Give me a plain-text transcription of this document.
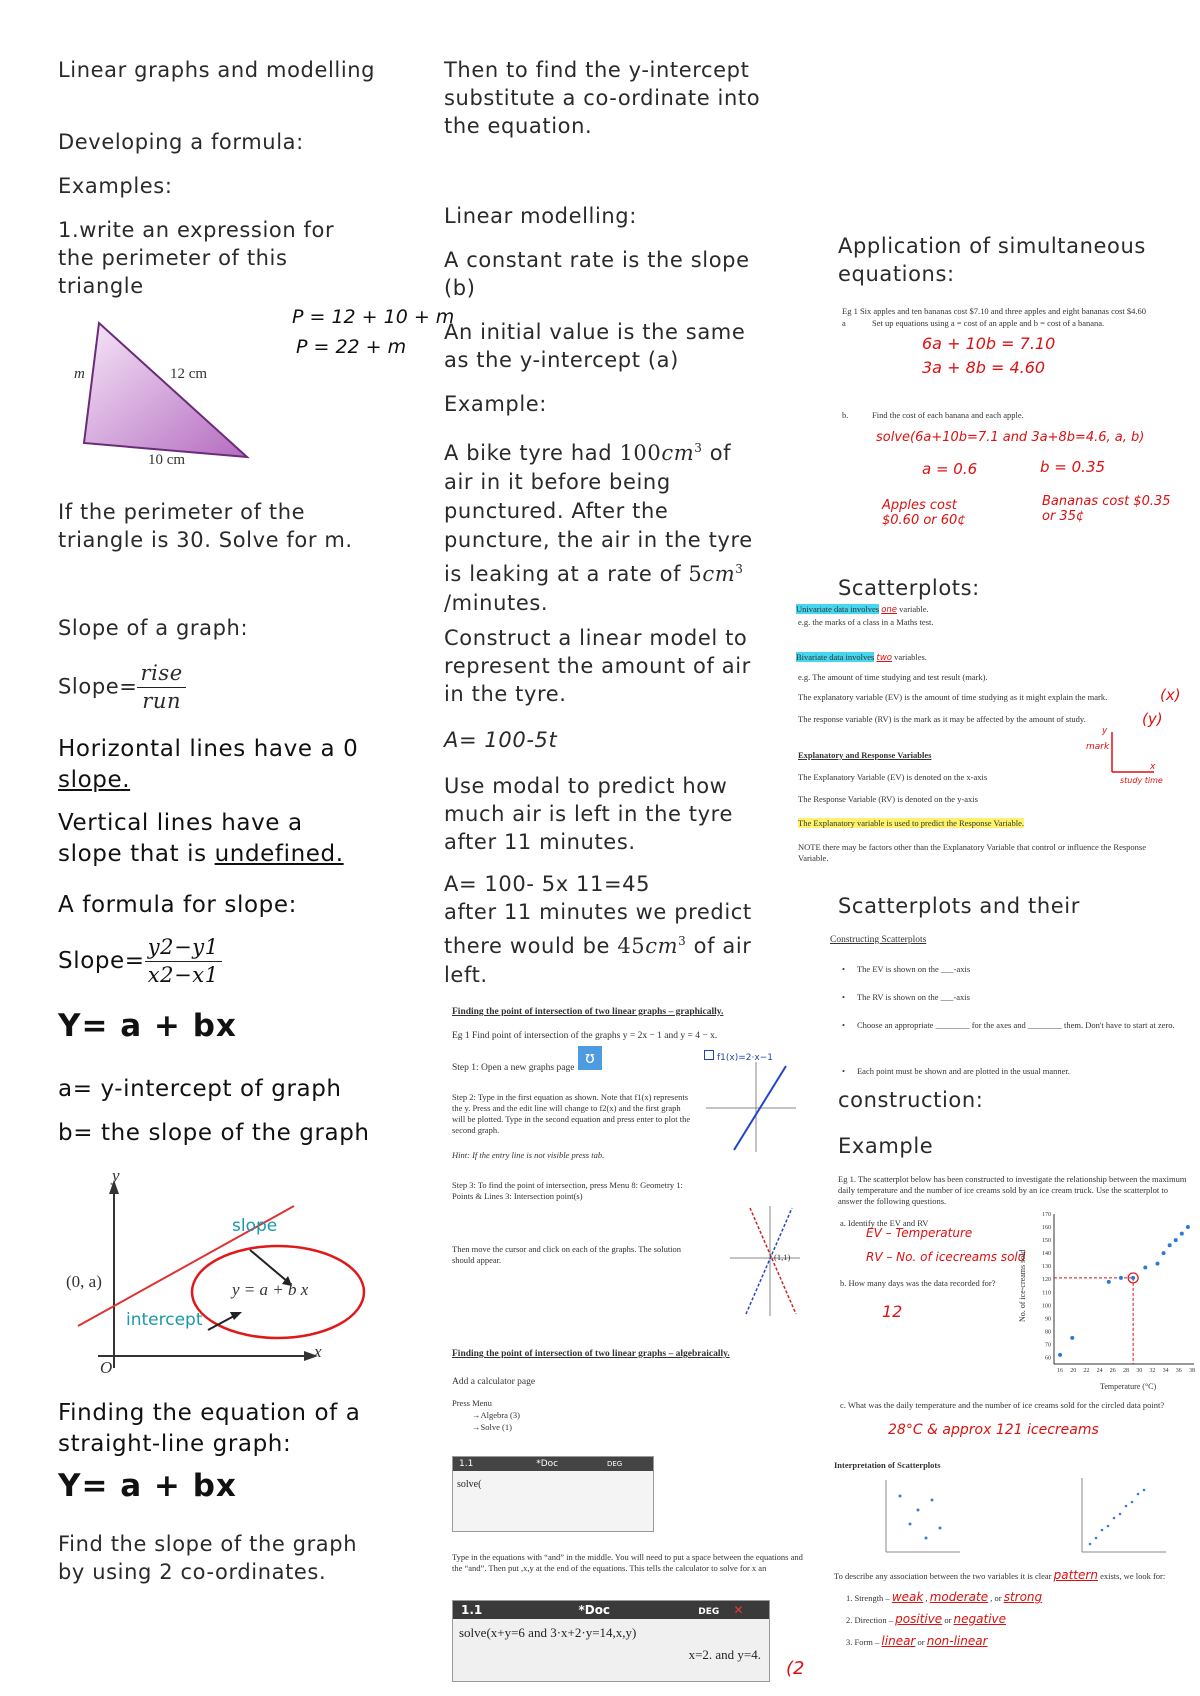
Linear graphs and modelling
Developing a formula:
Examples:
1.write an expression for the perimeter of this triangle
m	12 cm
10 cm
P = 12 + 10 + m
P = 22 + m
If the perimeter of the triangle is 30. Solve for m.
Slope of a graph:
Slope= $\frac{\text{rise}}{\text{run}}$
Horizontal lines have a 0
slope.
Vertical lines have a
slope that is undefined.
A formula for slope:
Slope= $\frac{y2-y1}{x2-x1}$
Y= a + bx
a= y-intercept of graph
b= the slope of the graph
y
x
O
(0, a)
slope
intercept
y = a + b x
Finding the equation of a straight-line graph:
Y= a + bx
Find the slope of the graph by using 2 co-ordinates.
Then to find the y-intercept substitute a co-ordinate into the equation.
Linear modelling:
A constant rate is the slope (b)
An initial value is the same as the y-intercept (a)
Example:
A bike tyre had $100cm^3$ of air in it before being punctured. After the puncture, the air in the tyre is leaking at a rate of $5cm^3$ /minutes.
Construct a linear model to represent the amount of air in the tyre.
A= 100-5t
Use modal to predict how much air is left in the tyre after 11 minutes.
A= 100- 5x 11=45
after 11 minutes we predict there would be $45cm^3$ of air left.
Finding the point of intersection of two linear graphs – graphically.
Eg 1 Find point of intersection of the graphs y = 2x − 1 and y = 4 − x.
Step 1: Open a new graphs page
ʊ	f1(x)=2·x−1
Step 2: Type in the first equation as shown. Note that f1(x) represents the y. Press and the edit line will change to f2(x) and the first graph will be plotted. Type in the second equation and press enter to plot the second graph.
Hint: If the entry line is not visible press tab.
Step 3: To find the point of intersection, press Menu 8: Geometry 1: Points & Lines 3: Intersection point(s)
Then move the cursor and click on each of the graphs. The solution should appear.	(1,1)
Finding the point of intersection of two linear graphs – algebraically.
Add a calculator page
Press Menu
→Algebra (3)
→Solve (1)
1.1	*Doc	DEG
solve(
Type in the equations with “and” in the middle. You will need to put a space between the equations and the “and”. Then put ,x,y at the end of the equations. This tells the calculator to solve for x an
1.1	*Doc	DEG ✕
solve(x+y=6 and 3·x+2·y=14,x,y)
x=2. and y=4.
(2
Application of simultaneous equations:
Eg 1 Six apples and ten bananas cost $7.10 and three apples and eight bananas cost $4.60
a	Set up equations using a = cost of an apple and b = cost of a banana.
6a + 10b = 7.10
3a + 8b = 4.60
b.	Find the cost of each banana and each apple.
solve(6a+10b=7.1 and 3a+8b=4.6, a, b)
a = 0.6	b = 0.35
Apples cost $0.60 or 60¢
Bananas cost $0.35 or 35¢
Scatterplots:
Univariate data involves one variable.
e.g. the marks of a class in a Maths test.
Bivariate data involves two variables.
e.g. The amount of time studying and test result (mark).
The explanatory variable (EV) is the amount of time studying as it might explain the mark.	(x)
The response variable (RV) is the mark as it may be affected by the amount of study.	(y)
y
mark
x
study time
Explanatory and Response Variables
The Explanatory Variable (EV) is denoted on the x-axis
The Response Variable (RV) is denoted on the y-axis
The Explanatory variable is used to predict the Response Variable.
NOTE there may be factors other than the Explanatory Variable that control or influence the Response Variable.
Scatterplots and their
Constructing Scatterplots
• The EV is shown on the ___-axis
• The RV is shown on the ___-axis
• Choose an appropriate ________ for the axes and ________ them. Don't have to start at zero.
• Each point must be shown and are plotted in the usual manner.
construction:
Example
Eg 1. The scatterplot below has been constructed to investigate the relationship between the maximum daily temperature and the number of ice creams sold by an ice cream truck. Use the scatterplot to answer the following questions.
a. Identify the EV and RV
EV – Temperature
RV – No. of icecreams sold
b. How many days was the data recorded for?
12
170
160
150
140
130
120
110
100
90
80
70
60
16 20 22 24 26 28 30 32 34 36 38
No. of ice-creams sold
Temperature (°C)
c. What was the daily temperature and the number of ice creams sold for the circled data point?
28°C & approx 121 icecreams
Interpretation of Scatterplots
To describe any association between the two variables it is clear pattern exists, we look for:
1. Strength – weak , moderate , or strong
2. Direction – positive or negative
3. Form – linear or non-linear
